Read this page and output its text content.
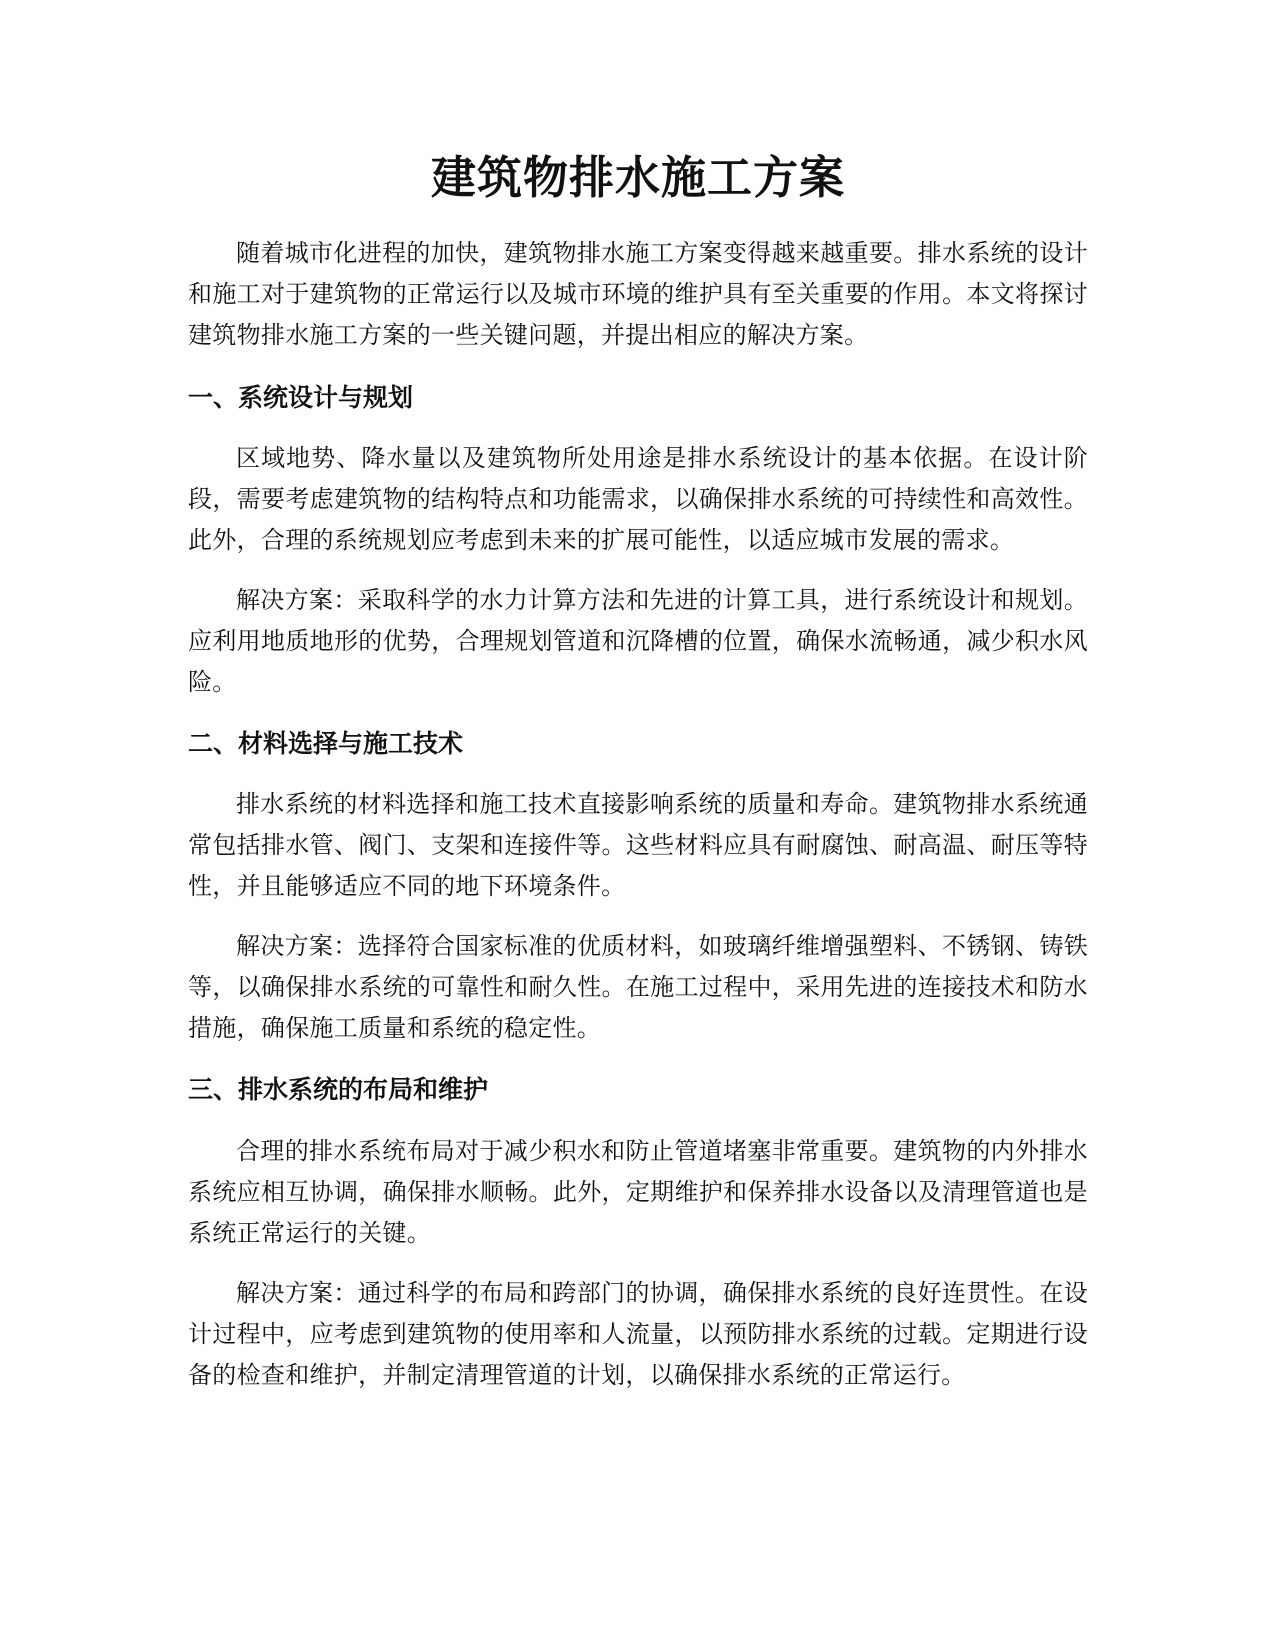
建筑物排水施工方案

随着城市化进程的加快，建筑物排水施工方案变得越来越重要。排水系统的设计和施工对于建筑物的正常运行以及城市环境的维护具有至关重要的作用。本文将探讨建筑物排水施工方案的一些关键问题，并提出相应的解决方案。

一、系统设计与规划

区域地势、降水量以及建筑物所处用途是排水系统设计的基本依据。在设计阶段，需要考虑建筑物的结构特点和功能需求，以确保排水系统的可持续性和高效性。此外，合理的系统规划应考虑到未来的扩展可能性，以适应城市发展的需求。

解决方案：采取科学的水力计算方法和先进的计算工具，进行系统设计和规划。应利用地质地形的优势，合理规划管道和沉降槽的位置，确保水流畅通，减少积水风险。

二、材料选择与施工技术

排水系统的材料选择和施工技术直接影响系统的质量和寿命。建筑物排水系统通常包括排水管、阀门、支架和连接件等。这些材料应具有耐腐蚀、耐高温、耐压等特性，并且能够适应不同的地下环境条件。

解决方案：选择符合国家标准的优质材料，如玻璃纤维增强塑料、不锈钢、铸铁等，以确保排水系统的可靠性和耐久性。在施工过程中，采用先进的连接技术和防水措施，确保施工质量和系统的稳定性。

三、排水系统的布局和维护

合理的排水系统布局对于减少积水和防止管道堵塞非常重要。建筑物的内外排水系统应相互协调，确保排水顺畅。此外，定期维护和保养排水设备以及清理管道也是系统正常运行的关键。

解决方案：通过科学的布局和跨部门的协调，确保排水系统的良好连贯性。在设计过程中，应考虑到建筑物的使用率和人流量，以预防排水系统的过载。定期进行设备的检查和维护，并制定清理管道的计划，以确保排水系统的正常运行。
